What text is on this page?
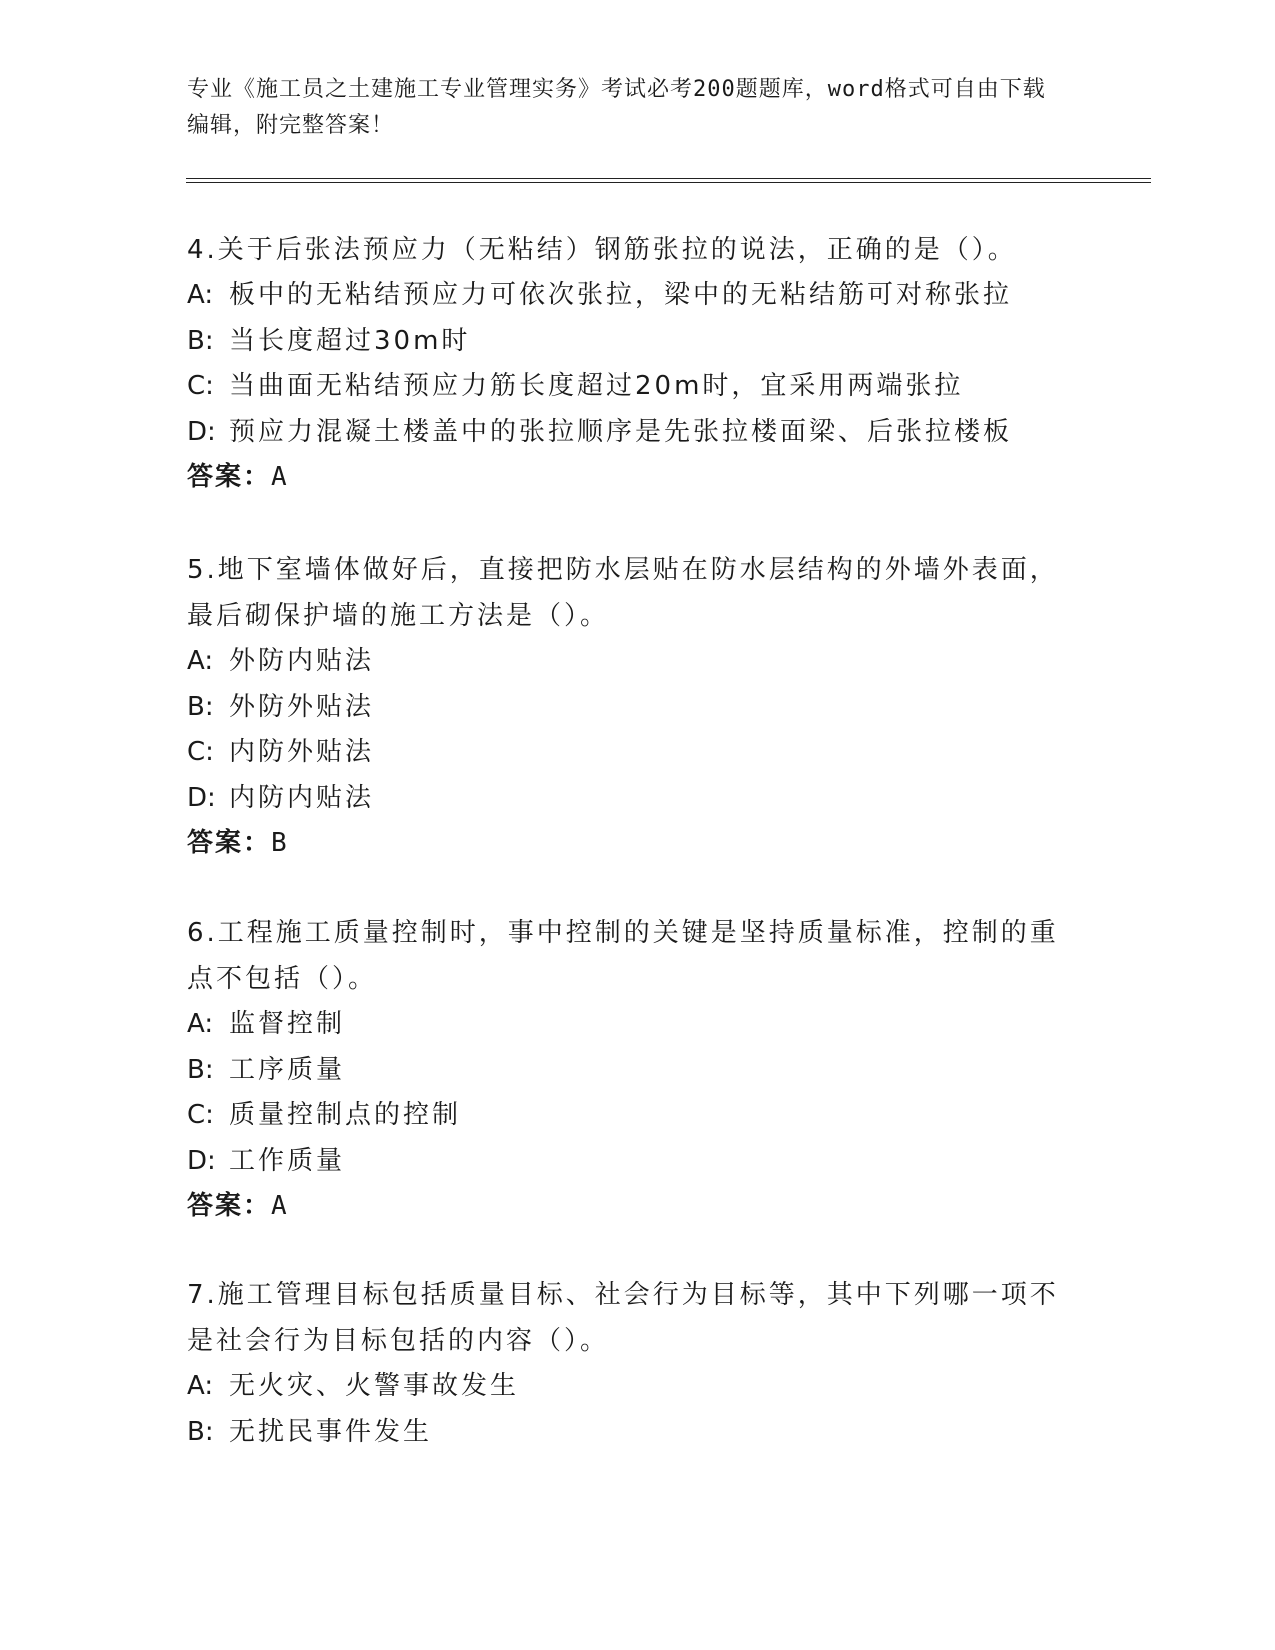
专业《施工员之土建施工专业管理实务》考试必考200题题库，word格式可自由下载编辑，附完整答案！
4.关于后张法预应力（无粘结）钢筋张拉的说法，正确的是（）。
A: 板中的无粘结预应力可依次张拉，梁中的无粘结筋可对称张拉
B: 当长度超过30m时
C: 当曲面无粘结预应力筋长度超过20m时，宜采用两端张拉
D: 预应力混凝土楼盖中的张拉顺序是先张拉楼面梁、后张拉楼板
答案：A
5.地下室墙体做好后，直接把防水层贴在防水层结构的外墙外表面，最后砌保护墙的施工方法是（）。
A: 外防内贴法
B: 外防外贴法
C: 内防外贴法
D: 内防内贴法
答案：B
6.工程施工质量控制时，事中控制的关键是坚持质量标准，控制的重点不包括（）。
A: 监督控制
B: 工序质量
C: 质量控制点的控制
D: 工作质量
答案：A
7.施工管理目标包括质量目标、社会行为目标等，其中下列哪一项不是社会行为目标包括的内容（）。
A: 无火灾、火警事故发生
B: 无扰民事件发生
